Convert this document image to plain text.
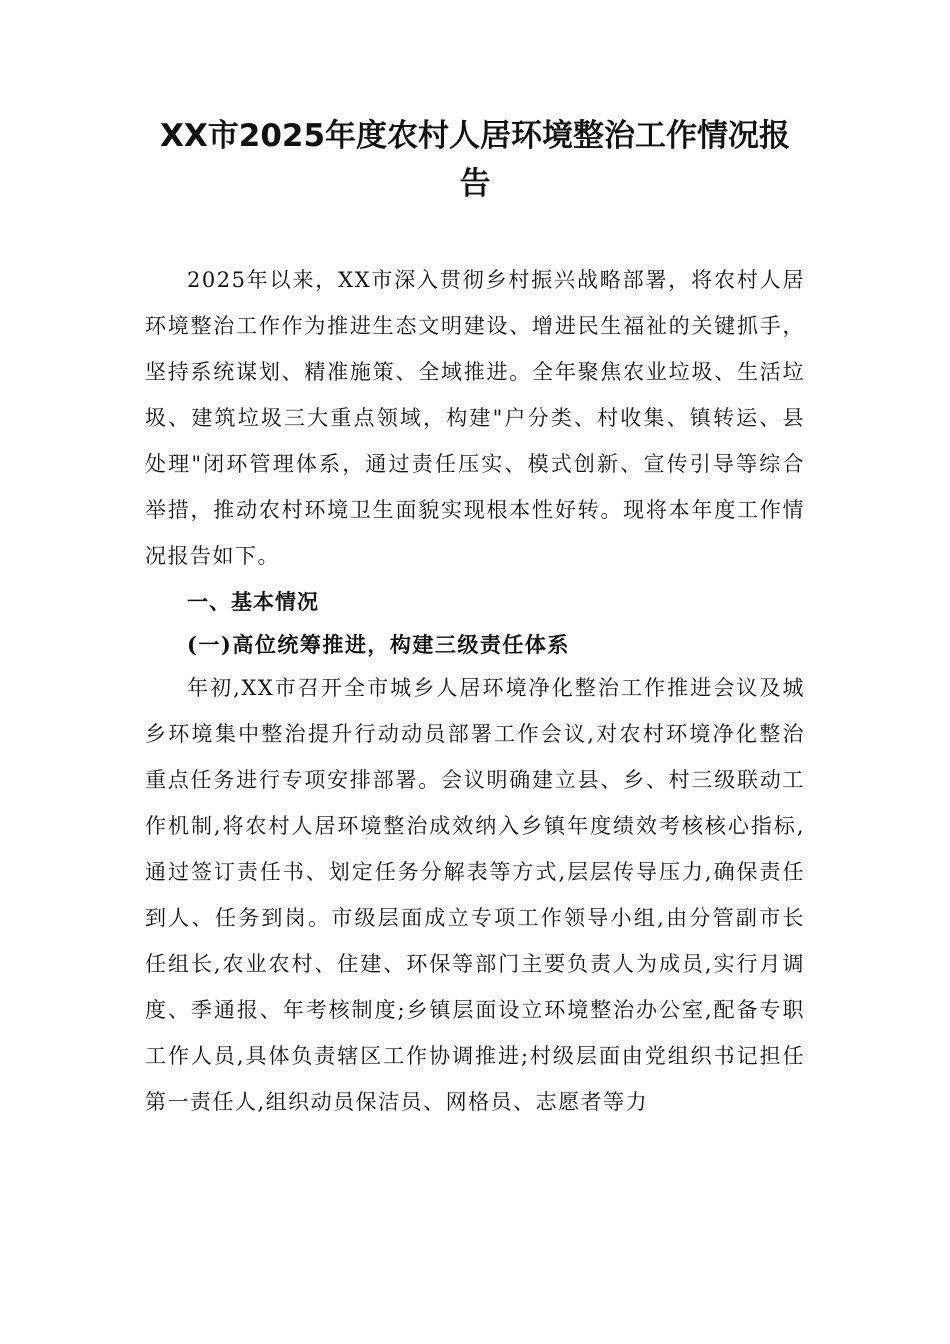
XX市2025年度农村人居环境整治工作情况报告

2025年以来，XX市深入贯彻乡村振兴战略部署，将农村人居环境整治工作作为推进生态文明建设、增进民生福祉的关键抓手，坚持系统谋划、精准施策、全域推进。全年聚焦农业垃圾、生活垃圾、建筑垃圾三大重点领域，构建"户分类、村收集、镇转运、县处理"闭环管理体系，通过责任压实、模式创新、宣传引导等综合举措，推动农村环境卫生面貌实现根本性好转。现将本年度工作情况报告如下。

一、基本情况
(一)高位统筹推进，构建三级责任体系

年初,XX市召开全市城乡人居环境净化整治工作推进会议及城乡环境集中整治提升行动动员部署工作会议,对农村环境净化整治重点任务进行专项安排部署。会议明确建立县、乡、村三级联动工作机制,将农村人居环境整治成效纳入乡镇年度绩效考核核心指标,通过签订责任书、划定任务分解表等方式,层层传导压力,确保责任到人、任务到岗。市级层面成立专项工作领导小组,由分管副市长任组长,农业农村、住建、环保等部门主要负责人为成员,实行月调度、季通报、年考核制度;乡镇层面设立环境整治办公室,配备专职工作人员,具体负责辖区工作协调推进;村级层面由党组织书记担任第一责任人,组织动员保洁员、网格员、志愿者等力
